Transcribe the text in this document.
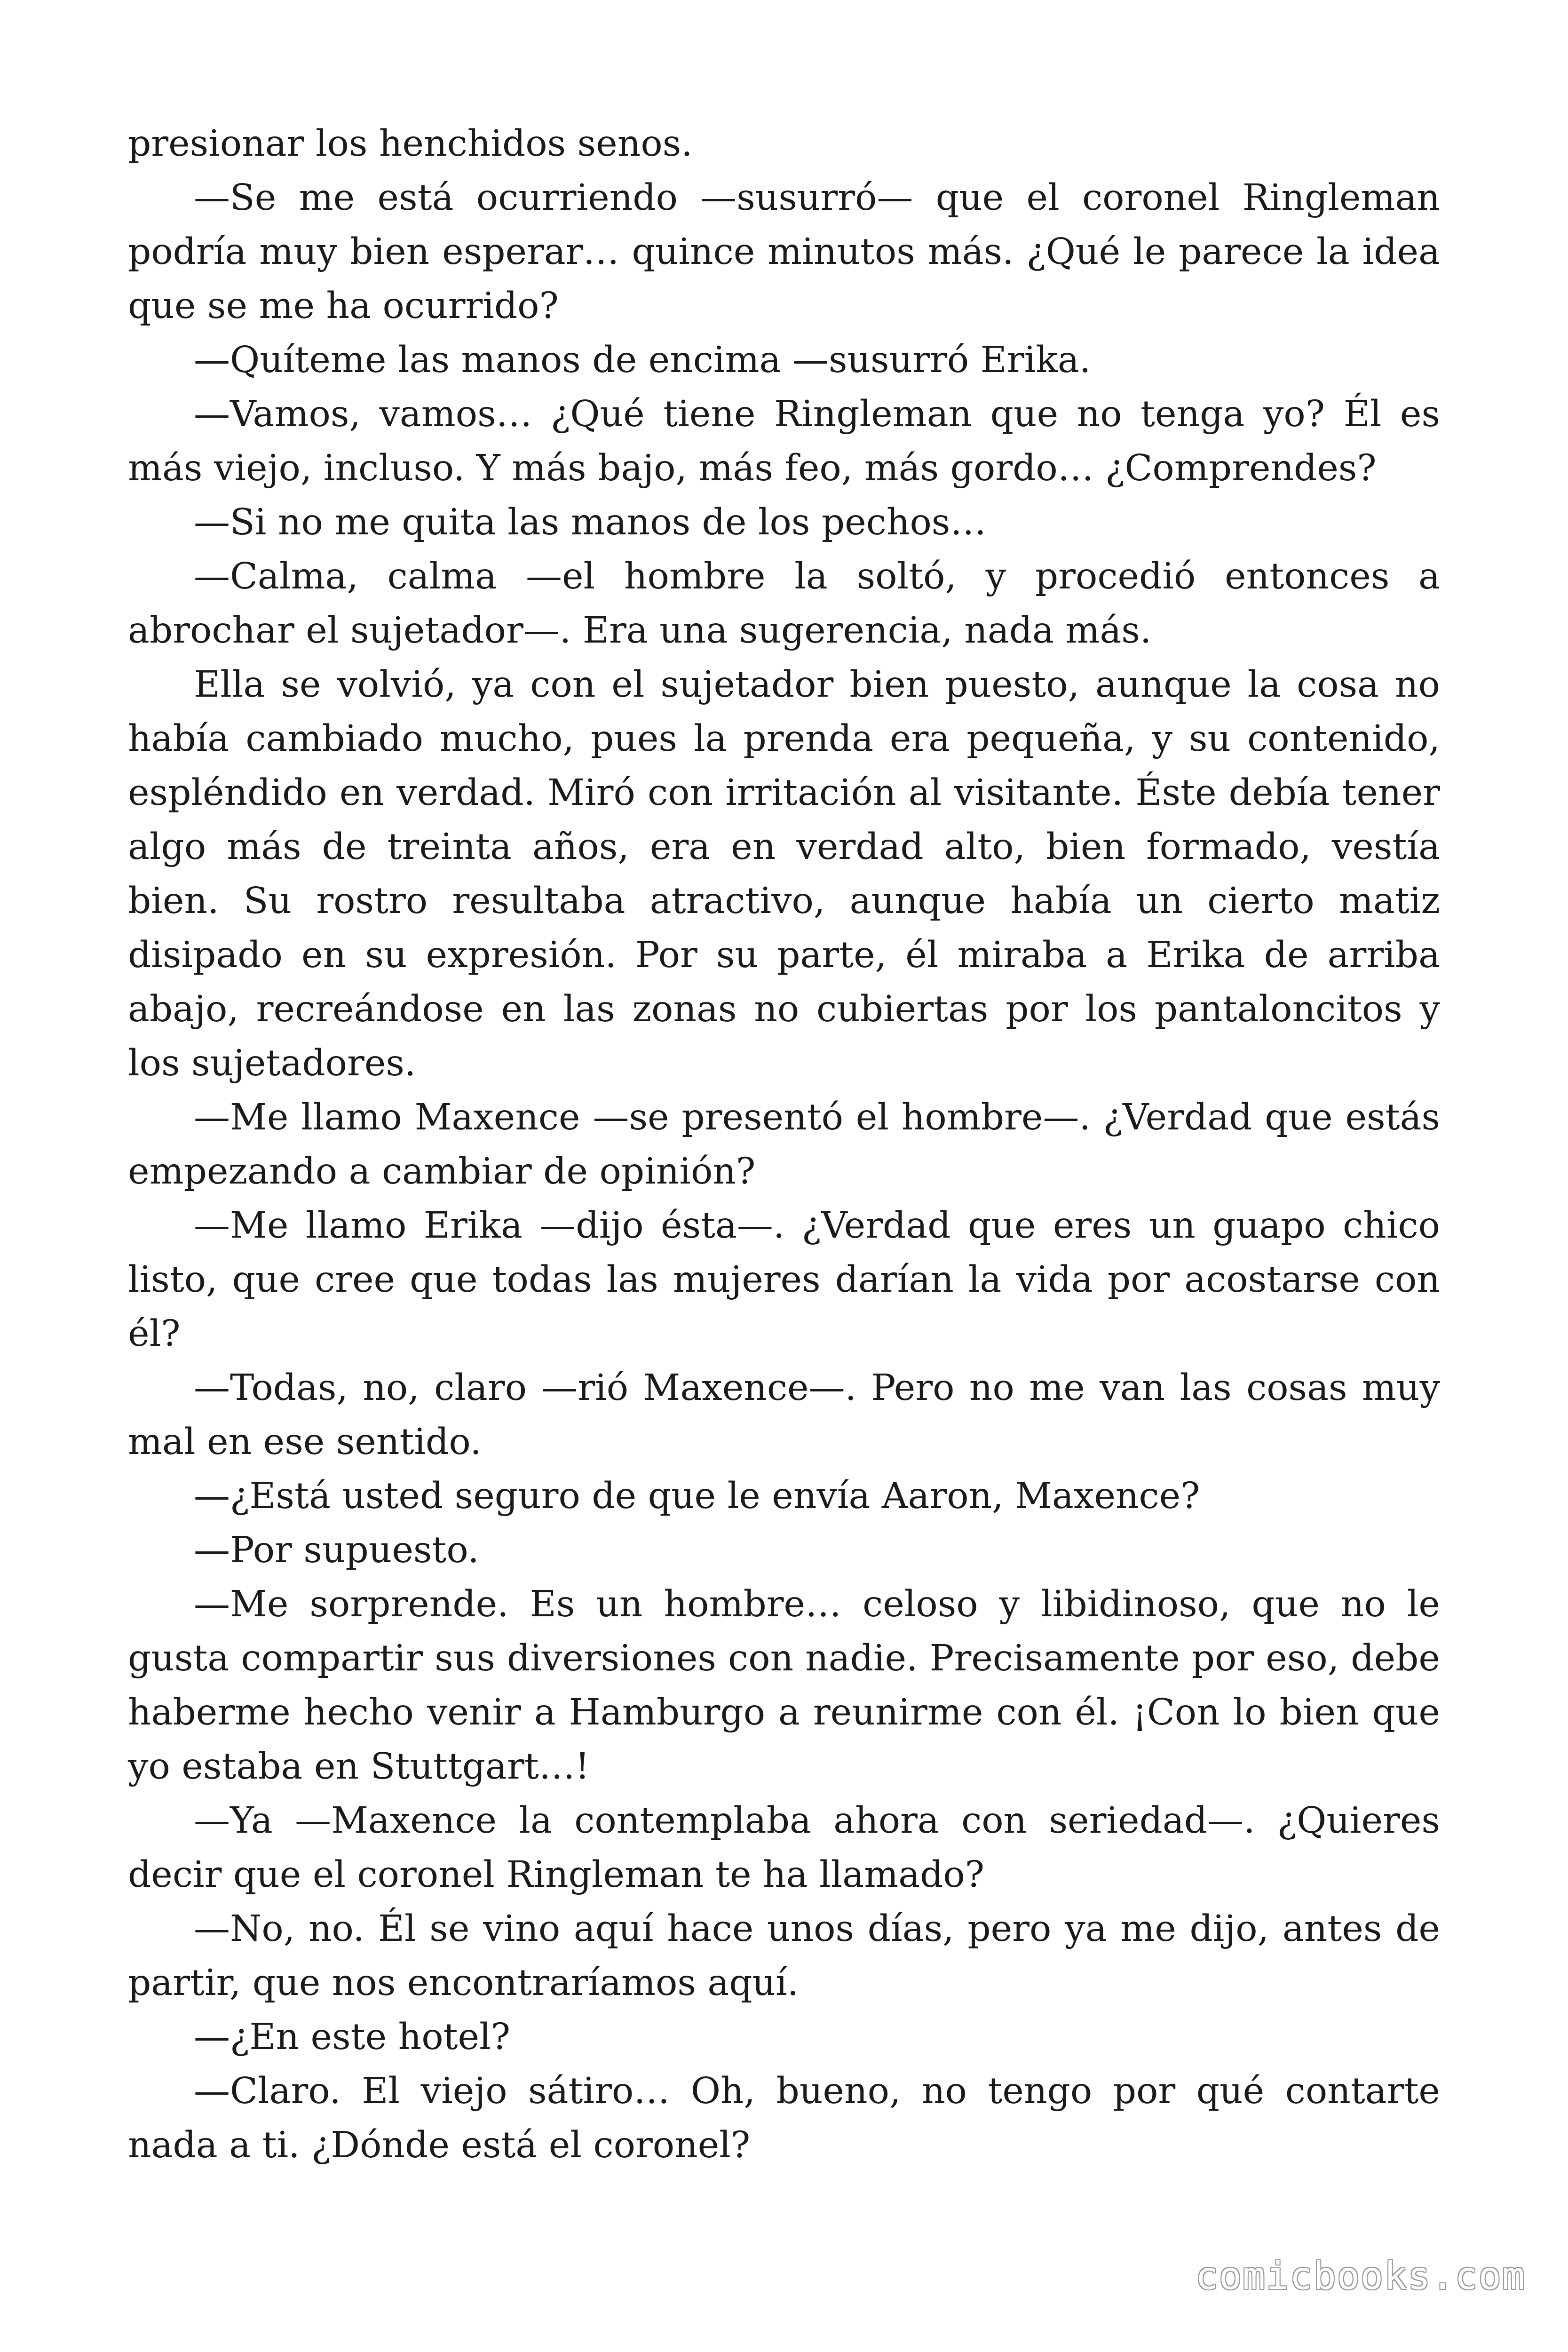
presionar los henchidos senos.

—Se me está ocurriendo —susurró— que el coronel Ringleman podría muy bien esperar… quince minutos más. ¿Qué le parece la idea que se me ha ocurrido?

—Quíteme las manos de encima —susurró Erika.

—Vamos, vamos… ¿Qué tiene Ringleman que no tenga yo? Él es más viejo, incluso. Y más bajo, más feo, más gordo… ¿Comprendes?

—Si no me quita las manos de los pechos…

—Calma, calma —el hombre la soltó, y procedió entonces a abrochar el sujetador—. Era una sugerencia, nada más.

Ella se volvió, ya con el sujetador bien puesto, aunque la cosa no había cambiado mucho, pues la prenda era pequeña, y su contenido, espléndido en verdad. Miró con irritación al visitante. Éste debía tener algo más de treinta años, era en verdad alto, bien formado, vestía bien. Su rostro resultaba atractivo, aunque había un cierto matiz disipado en su expresión. Por su parte, él miraba a Erika de arriba abajo, recreándose en las zonas no cubiertas por los pantaloncitos y los sujetadores.

—Me llamo Maxence —se presentó el hombre—. ¿Verdad que estás empezando a cambiar de opinión?

—Me llamo Erika —dijo ésta—. ¿Verdad que eres un guapo chico listo, que cree que todas las mujeres darían la vida por acostarse con él?

—Todas, no, claro —rió Maxence—. Pero no me van las cosas muy mal en ese sentido.

—¿Está usted seguro de que le envía Aaron, Maxence?

—Por supuesto.

—Me sorprende. Es un hombre… celoso y libidinoso, que no le gusta compartir sus diversiones con nadie. Precisamente por eso, debe haberme hecho venir a Hamburgo a reunirme con él. ¡Con lo bien que yo estaba en Stuttgart…!

—Ya —Maxence la contemplaba ahora con seriedad—. ¿Quieres decir que el coronel Ringleman te ha llamado?

—No, no. Él se vino aquí hace unos días, pero ya me dijo, antes de partir, que nos encontraríamos aquí.

—¿En este hotel?

—Claro. El viejo sátiro… Oh, bueno, no tengo por qué contarte nada a ti. ¿Dónde está el coronel?

comicbooks.com
